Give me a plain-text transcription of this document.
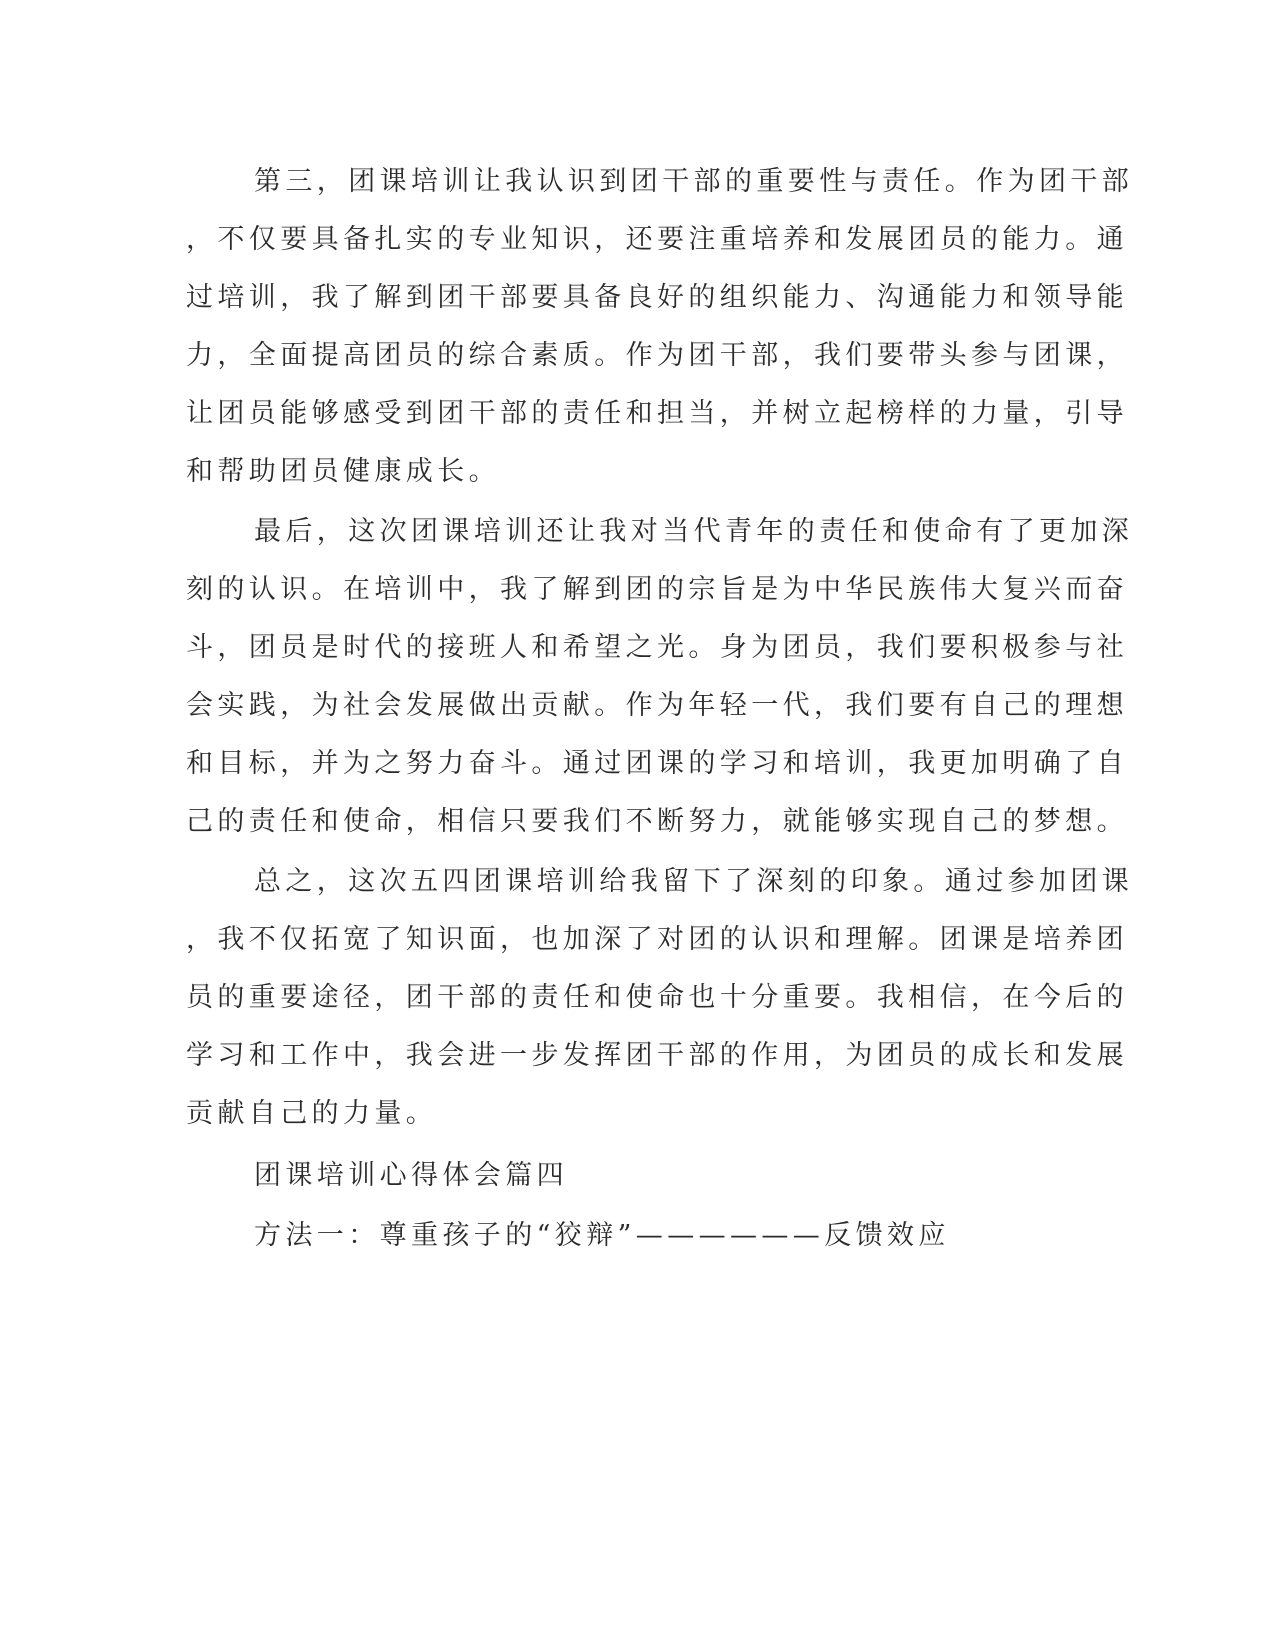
第三，团课培训让我认识到团干部的重要性与责任。作为团干部
，不仅要具备扎实的专业知识，还要注重培养和发展团员的能力。通
过培训，我了解到团干部要具备良好的组织能力、沟通能力和领导能
力，全面提高团员的综合素质。作为团干部，我们要带头参与团课，
让团员能够感受到团干部的责任和担当，并树立起榜样的力量，引导
和帮助团员健康成长。
最后，这次团课培训还让我对当代青年的责任和使命有了更加深
刻的认识。在培训中，我了解到团的宗旨是为中华民族伟大复兴而奋
斗，团员是时代的接班人和希望之光。身为团员，我们要积极参与社
会实践，为社会发展做出贡献。作为年轻一代，我们要有自己的理想
和目标，并为之努力奋斗。通过团课的学习和培训，我更加明确了自
己的责任和使命，相信只要我们不断努力，就能够实现自己的梦想。
总之，这次五四团课培训给我留下了深刻的印象。通过参加团课
，我不仅拓宽了知识面，也加深了对团的认识和理解。团课是培养团
员的重要途径，团干部的责任和使命也十分重要。我相信，在今后的
学习和工作中，我会进一步发挥团干部的作用，为团员的成长和发展
贡献自己的力量。
团课培训心得体会篇四
方法一：尊重孩子的“狡辩”——————反馈效应
